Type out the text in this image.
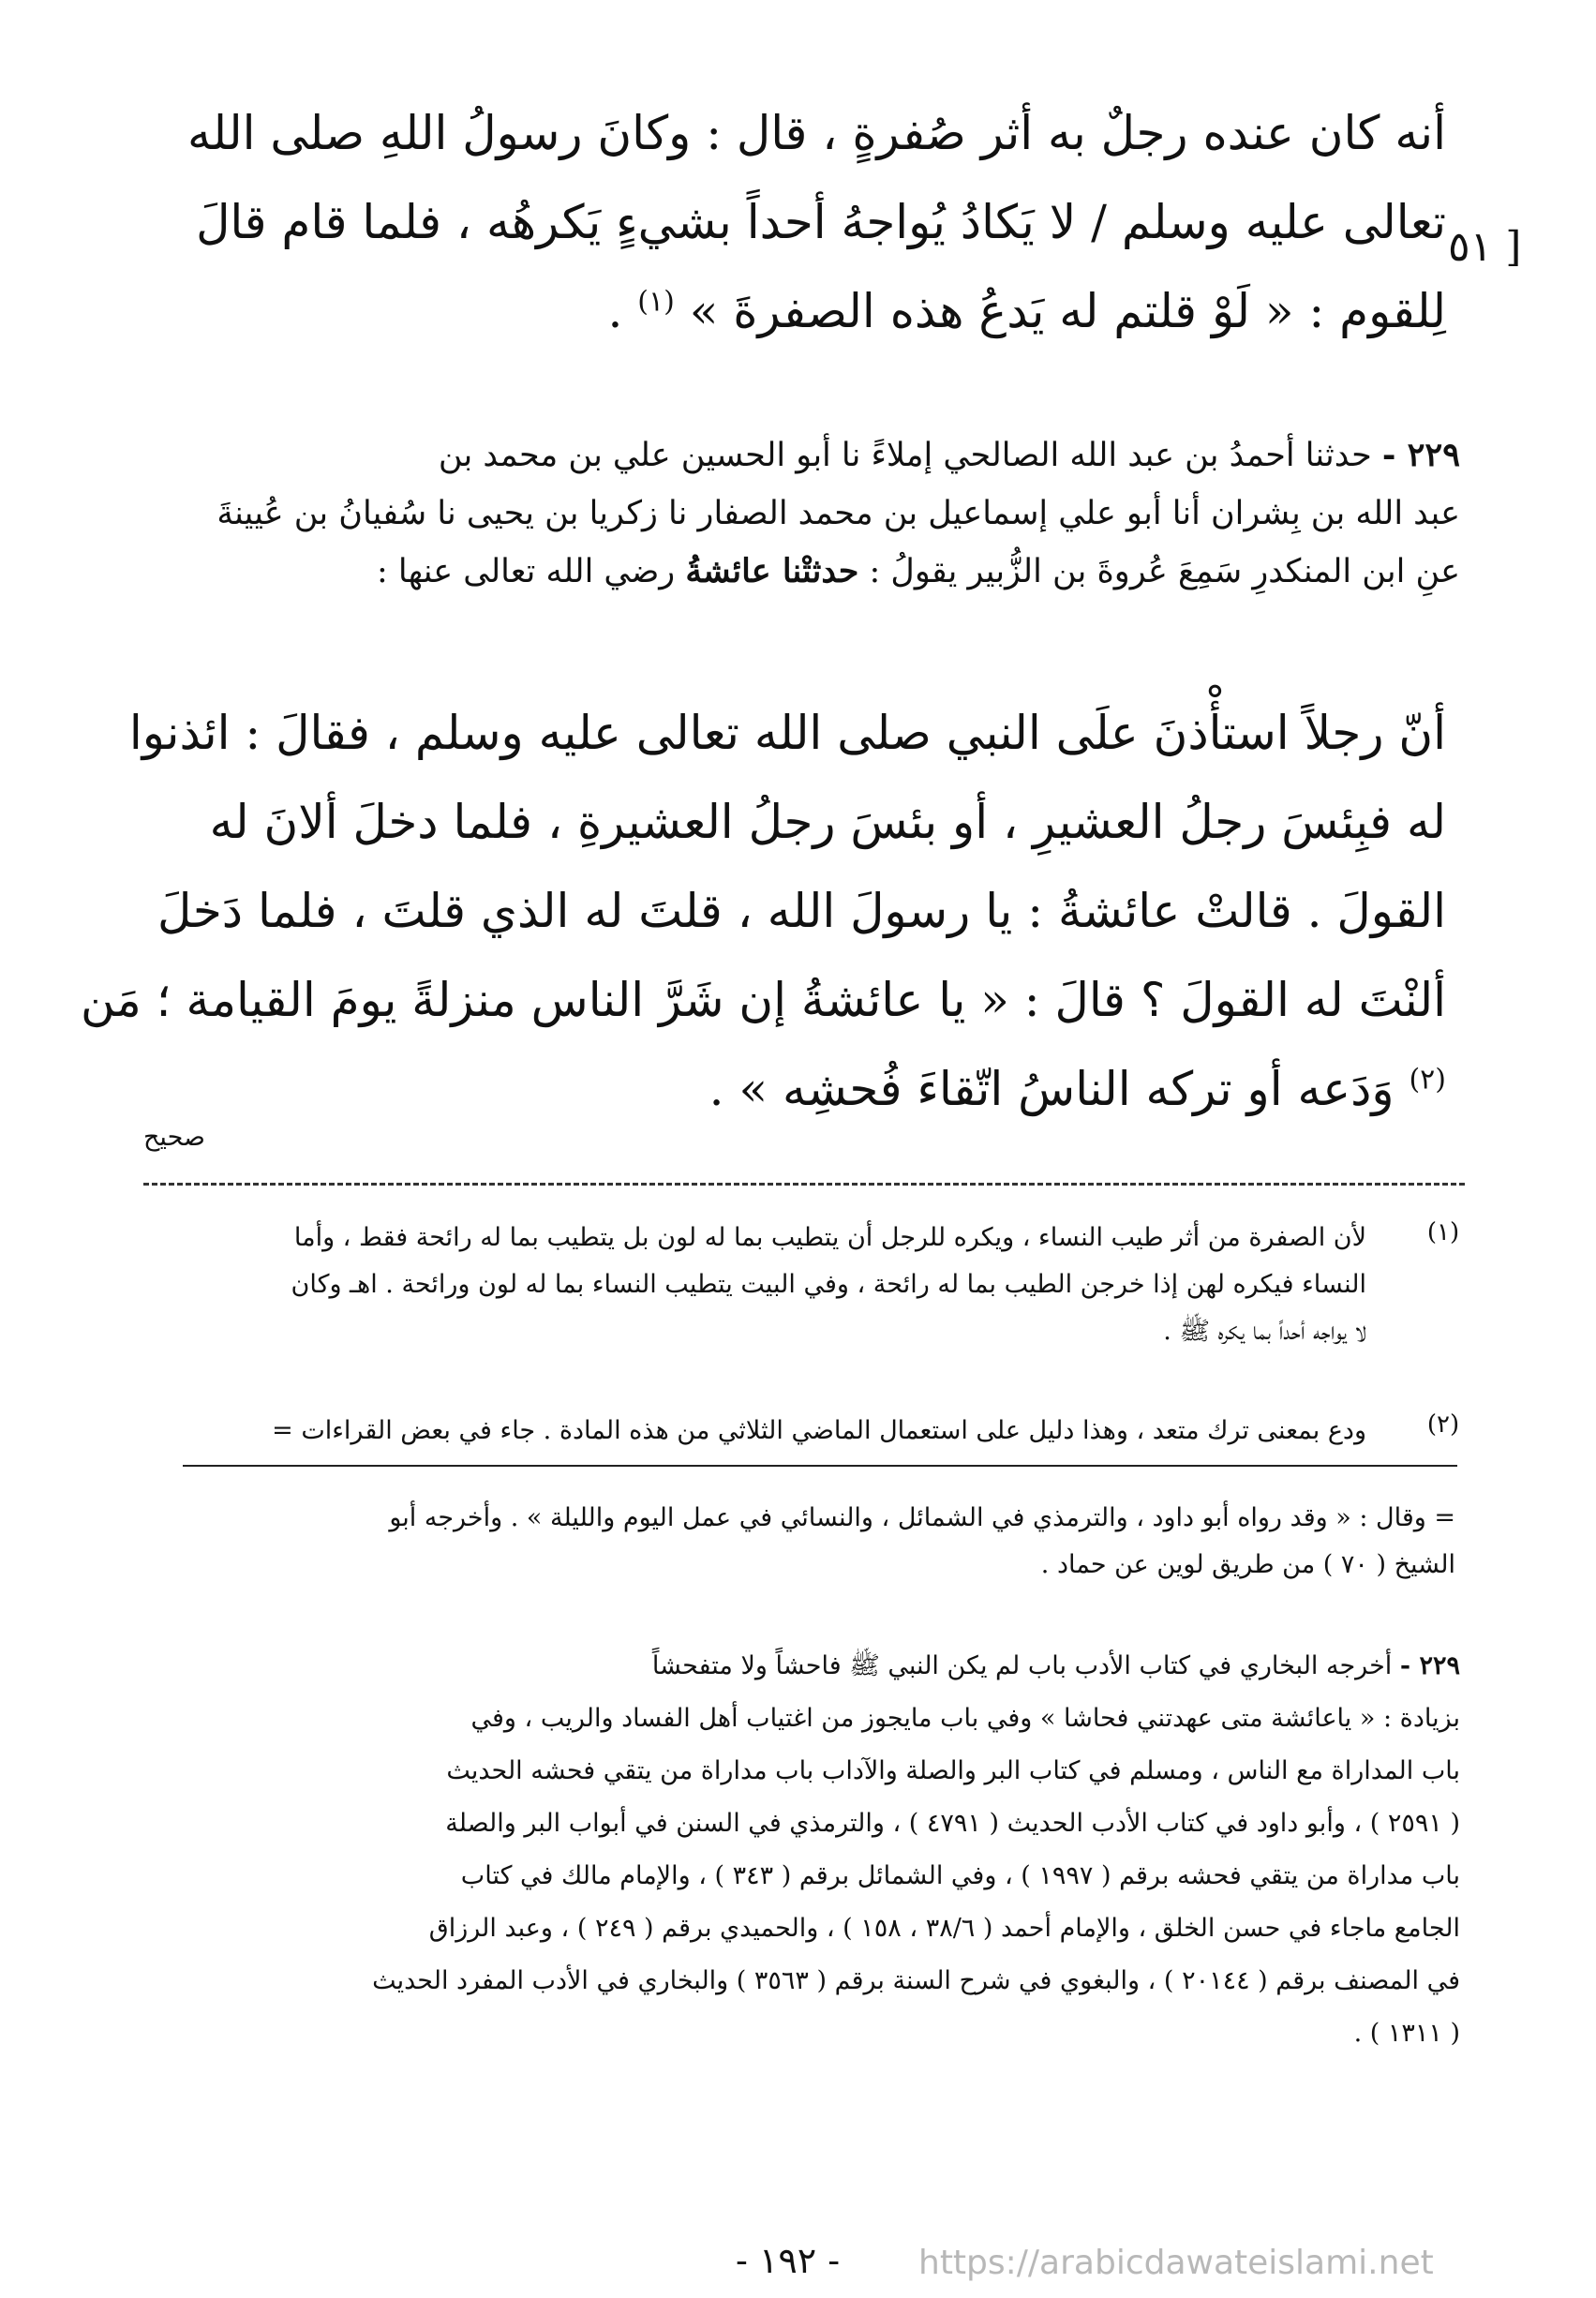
أنه كان عنده رجلٌ به أثر صُفرةٍ ، قال : وكانَ رسولُ اللهِ صلى الله
تعالى عليه وسلم / لا يَكادُ يُواجهُ أحداً بشيءٍ يَكرهُه ، فلما قام قالَ
لِلقوم : « لَوْ قلتم له يَدعُ هذه الصفرةَ » $^{(١)}$ .
٥١ ]
٢٢٩ - حدثنا أحمدُ بن عبد الله الصالحي إملاءً نا أبو الحسين علي بن محمد بن
عبد الله بن بِشران أنا أبو علي إسماعيل بن محمد الصفار نا زكريا بن يحيى نا سُفيانُ بن عُيينةَ
عنِ ابن المنكدرِ سَمِعَ عُروةَ بن الزُّبير يقولُ : حدثتْنا عائشةُ رضي الله تعالى عنها :
أنّ رجلاً استأْذنَ علَى النبي صلى الله تعالى عليه وسلم ، فقالَ : ائذنوا
له فبِئسَ رجلُ العشيرِ ، أو بئسَ رجلُ العشيرةِ ، فلما دخلَ ألانَ له
القولَ . قالتْ عائشةُ : يا رسولَ الله ، قلتَ له الذي قلتَ ، فلما دَخلَ
ألنْتَ له القولَ ؟ قالَ : « يا عائشةُ إن شَرَّ الناس منزلةً يومَ القيامة ؛ مَن
$^{(٢)}$ وَدَعه أو تركه الناسُ اتّقاءَ فُحشِه » .
صحيح
(١)
لأن الصفرة من أثر طيب النساء ، ويكره للرجل أن يتطيب بما له لون بل يتطيب بما له رائحة فقط ، وأما
النساء فيكره لهن إذا خرجن الطيب بما له رائحة ، وفي البيت يتطيب النساء بما له لون ورائحة . اهـ وكان
لا يواجه أحداً بما يكره ﷺ .
(٢)
ودع بمعنى ترك متعد ، وهذا دليل على استعمال الماضي الثلاثي من هذه المادة . جاء في بعض القراءات =
= وقال : « وقد رواه أبو داود ، والترمذي في الشمائل ، والنسائي في عمل اليوم والليلة » . وأخرجه أبو
الشيخ ( ٧٠ ) من طريق لوين عن حماد .
٢٢٩ - أخرجه البخاري في كتاب الأدب باب لم يكن النبي ﷺ فاحشاً ولا متفحشاً
بزيادة : « ياعائشة متى عهدتني فحاشا » وفي باب مايجوز من اغتياب أهل الفساد والريب ، وفي
باب المداراة مع الناس ، ومسلم في كتاب البر والصلة والآداب باب مداراة من يتقي فحشه الحديث
( ٢٥٩١ ) ، وأبو داود في كتاب الأدب الحديث ( ٤٧٩١ ) ، والترمذي في السنن في أبواب البر والصلة
باب مداراة من يتقي فحشه برقم ( ١٩٩٧ ) ، وفي الشمائل برقم ( ٣٤٣ ) ، والإمام مالك في كتاب
الجامع ماجاء في حسن الخلق ، والإمام أحمد ( ٣٨/٦ ، ١٥٨ ) ، والحميدي برقم ( ٢٤٩ ) ، وعبد الرزاق
في المصنف برقم ( ٢٠١٤٤ ) ، والبغوي في شرح السنة برقم ( ٣٥٦٣ ) والبخاري في الأدب المفرد الحديث
( ١٣١١ ) .
- ١٩٢ - https://arabicdawateislami.net
